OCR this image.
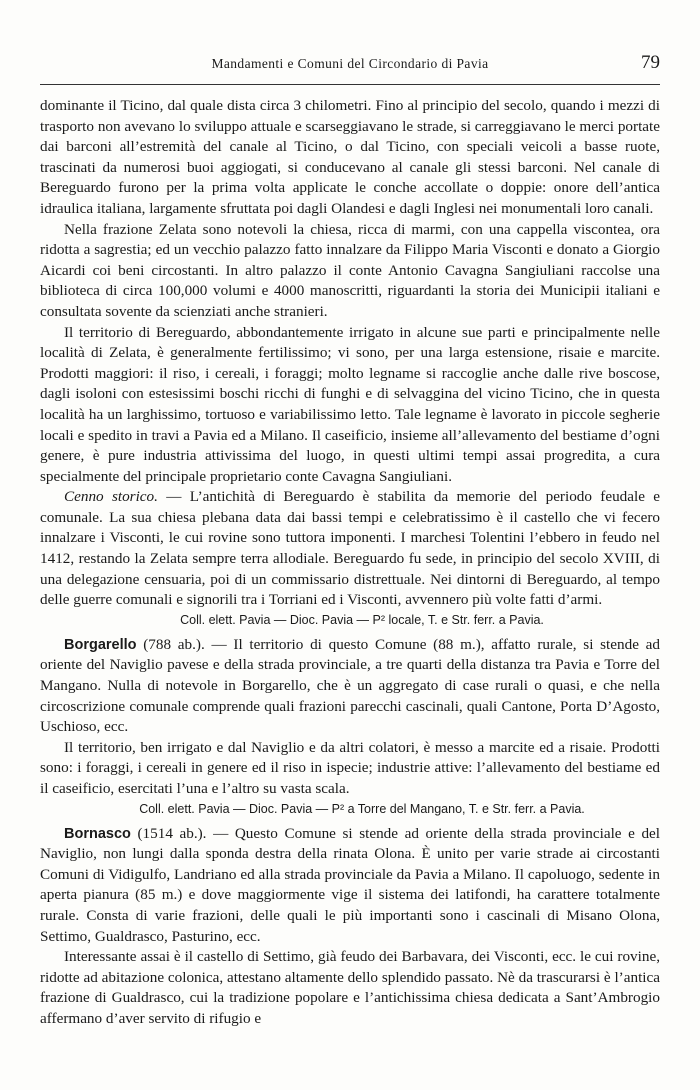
Mandamenti e Comuni del Circondario di Pavia	79

dominante il Ticino, dal quale dista circa 3 chilometri. Fino al principio del secolo, quando i mezzi di trasporto non avevano lo sviluppo attuale e scarseggiavano le strade, si carreggiavano le merci portate dai barconi all’estremità del canale al Ticino, o dal Ticino, con speciali veicoli a basse ruote, trascinati da numerosi buoi aggiogati, si conducevano al canale gli stessi barconi. Nel canale di Bereguardo furono per la prima volta applicate le conche accollate o doppie: onore dell’antica idraulica italiana, largamente sfruttata poi dagli Olandesi e dagli Inglesi nei monumentali loro canali.

Nella frazione Zelata sono notevoli la chiesa, ricca di marmi, con una cappella viscontea, ora ridotta a sagrestia; ed un vecchio palazzo fatto innalzare da Filippo Maria Visconti e donato a Giorgio Aicardi coi beni circostanti. In altro palazzo il conte Antonio Cavagna Sangiuliani raccolse una biblioteca di circa 100,000 volumi e 4000 manoscritti, riguardanti la storia dei Municipii italiani e consultata sovente da scienziati anche stranieri.

Il territorio di Bereguardo, abbondantemente irrigato in alcune sue parti e principalmente nelle località di Zelata, è generalmente fertilissimo; vi sono, per una larga estensione, risaie e marcite. Prodotti maggiori: il riso, i cereali, i foraggi; molto legname si raccoglie anche dalle rive boscose, dagli isoloni con estesissimi boschi ricchi di funghi e di selvaggina del vicino Ticino, che in questa località ha un larghissimo, tortuoso e variabilissimo letto. Tale legname è lavorato in piccole segherie locali e spedito in travi a Pavia ed a Milano. Il caseificio, insieme all’allevamento del bestiame d’ogni genere, è pure industria attivissima del luogo, in questi ultimi tempi assai progredita, a cura specialmente del principale proprietario conte Cavagna Sangiuliani.

Cenno storico. — L’antichità di Bereguardo è stabilita da memorie del periodo feudale e comunale. La sua chiesa plebana data dai bassi tempi e celebratissimo è il castello che vi fecero innalzare i Visconti, le cui rovine sono tuttora imponenti. I marchesi Tolentini l’ebbero in feudo nel 1412, restando la Zelata sempre terra allodiale. Bereguardo fu sede, in principio del secolo XVIII, di una delegazione censuaria, poi di un commissario distrettuale. Nei dintorni di Bereguardo, al tempo delle guerre comunali e signorili tra i Torriani ed i Visconti, avvennero più volte fatti d’armi.

Coll. elett. Pavia — Dioc. Pavia — P² locale, T. e Str. ferr. a Pavia.

Borgarello (788 ab.). — Il territorio di questo Comune (88 m.), affatto rurale, si stende ad oriente del Naviglio pavese e della strada provinciale, a tre quarti della distanza tra Pavia e Torre del Mangano. Nulla di notevole in Borgarello, che è un aggregato di case rurali o quasi, e che nella circoscrizione comunale comprende quali frazioni parecchi cascinali, quali Cantone, Porta D’Agosto, Uschioso, ecc.

Il territorio, ben irrigato e dal Naviglio e da altri colatori, è messo a marcite ed a risaie. Prodotti sono: i foraggi, i cereali in genere ed il riso in ispecie; industrie attive: l’allevamento del bestiame ed il caseificio, esercitati l’una e l’altro su vasta scala.

Coll. elett. Pavia — Dioc. Pavia — P² a Torre del Mangano, T. e Str. ferr. a Pavia.

Bornasco (1514 ab.). — Questo Comune si stende ad oriente della strada provinciale e del Naviglio, non lungi dalla sponda destra della rinata Olona. È unito per varie strade ai circostanti Comuni di Vidigulfo, Landriano ed alla strada provinciale da Pavia a Milano. Il capoluogo, sedente in aperta pianura (85 m.) e dove maggiormente vige il sistema dei latifondi, ha carattere totalmente rurale. Consta di varie frazioni, delle quali le più importanti sono i cascinali di Misano Olona, Settimo, Gualdrasco, Pasturino, ecc.

Interessante assai è il castello di Settimo, già feudo dei Barbavara, dei Visconti, ecc. le cui rovine, ridotte ad abitazione colonica, attestano altamente dello splendido passato. Nè da trascurarsi è l’antica frazione di Gualdrasco, cui la tradizione popolare e l’antichissima chiesa dedicata a Sant’Ambrogio affermano d’aver servito di rifugio e
